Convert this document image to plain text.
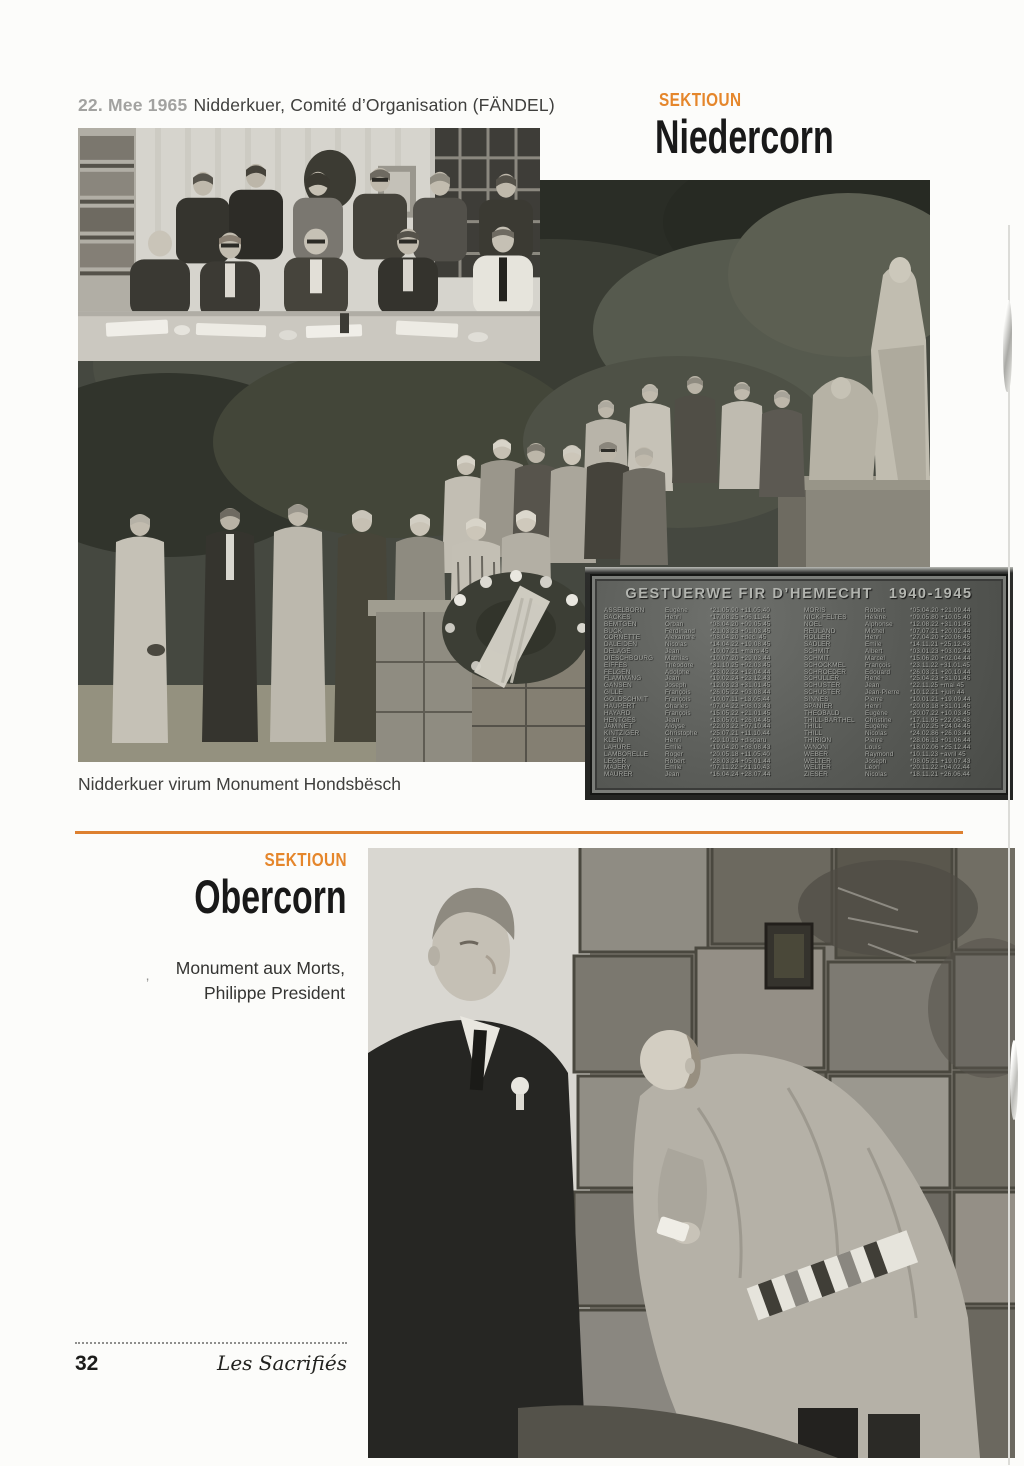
22. Mee 1965 Nidderkuer, Comité d’Organisation (FÄNDEL)	SEKTIOUN
Niedercorn
GESTUERWE FIR D’HEMECHT 1940-1945
ASSELBORN	Eugène	*21.05.90 +11.05.40
BACKES	Henri	*17.08.25 +06.11.44
BEMTGEN	Orban	*08.04.20 +09.05.45
BUCK	Ferdinand	*21.03.23 +01.03.45
CORNETTE	Alexandre	*08.04.20 +déc. 45
DALEIDEN	Nicolas	*14.04.22 +19.08.45
DELAGE	Jean	*10.07.21 +mars 45
DIESCHBOURG	Mathias	*10.07.20 +29.03.44
EIFFES	Théodore	*31.10.25 +02.03.45
FELGEN	Adolphe	*23.02.22 +12.04.44
FLAMMANG	Jean	*19.02.24 +23.12.43
GANSEN	Joseph	*12.03.23 +31.01.45
GILLE	François	*26.05.22 +03.08.44
GOLDSCHMIT	François	*10.07.11 +13.05.44
HAUPERT	Charles	*07.04.22 +08.03.43
HAYARD	François	*15.05.22 +21.01.45
HENTGES	Jean	*13.05.01 +26.04.45
JAMINET	Aloyse	*22.03.22 +07.10.44
KINTZIGER	Christophe	*25.07.21 +11.10.44
KLEIN	Henri	*29.10.19 +disparu
LAHURE	Emile	*19.04.20 +08.08.43
LAMBORELLE	Roger	*20.05.18 +11.05.40
LEGER	Robert	*28.03.24 +05.01.44
MAJERY	Emile	*07.11.22 +21.10.43
MAURER	Jean	*16.04.24 +28.07.44
MORIS	Robert	*05.04.20 +21.09.44
NICK-FELTES	Hélène	*09.05.80 +10.05.40
NOEL	Alphonse	*12.08.22 +31.01.45
REULAND	Michel	*07.07.21 +20.02.44
ROLLER	Henri	*27.04.20 +20.06.45
SADLER	Emile	*14.11.21 +25.12.43
SCHMIT	Albert	*03.01.23 +03.02.44
SCHMIT	Marcel	*15.06.20 +02.04.44
SCHOCKMEL	François	*23.11.22 +31.01.45
SCHROEDER	Edouard	*26.03.21 +20.10.44
SCHULLER	René	*25.04.23 +31.01.45
SCHUSTER	Jean	*22.11.25 +mai 45
SCHUSTER	Jean-Pierre	*10.12.21 +juin 44
SINNES	Pierre	*10.01.21 +19.09.44
SPANIER	Henri	*20.03.18 +31.01.45
THEOBALD	Eugène	*30.07.22 +10.03.45
THILL-BARTHEL	Christine	*17.11.95 +22.06.43
THILL	Eugène	*17.02.25 +24.04.45
THILL	Nicolas	*24.02.86 +26.03.44
THIRION	Pierre	*28.06.13 +01.06.44
VANONI	Louis	*18.02.06 +25.12.44
WEBER	Raymond	*10.11.23 +avril 45
WELTER	Joseph	*08.05.21 +19.07.43
WELTER	Léon	*20.11.22 +04.02.44
ZIESER	Nicolas	*18.11.21 +26.06.44
Nidderkuer virum Monument Hondsbësch
SEKTIOUN
Obercorn
Monument aux Morts,
Philippe President
’
32	Les Sacrifiés
